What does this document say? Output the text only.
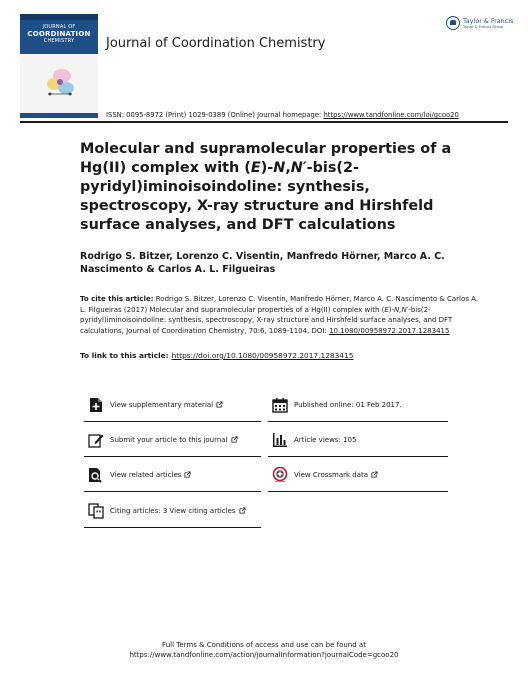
JOURNAL OF
COORDINATION
CHEMISTRY	Journal of Coordination Chemistry
Taylor & Francis
Taylor & Francis Group
ISSN: 0095-8972 (Print) 1029-0389 (Online) Journal homepage: https://www.tandfonline.com/loi/gcoo20
Molecular and supramolecular properties of a Hg(II) complex with (E)-N,N′-bis(2-pyridyl)iminoisoindoline: synthesis, spectroscopy, X-ray structure and Hirshfeld surface analyses, and DFT calculations
Rodrigo S. Bitzer, Lorenzo C. Visentin, Manfredo Hörner, Marco A. C. Nascimento & Carlos A. L. Filgueiras
To cite this article: Rodrigo S. Bitzer, Lorenzo C. Visentin, Manfredo Hörner, Marco A. C. Nascimento & Carlos A. L. Filgueiras (2017) Molecular and supramolecular properties of a Hg(II) complex with (E)-N,N′-bis(2-pyridyl)iminoisoindoline: synthesis, spectroscopy, X-ray structure and Hirshfeld surface analyses, and DFT calculations, Journal of Coordination Chemistry, 70:6, 1089-1104, DOI: 10.1080/00958972.2017.1283415
To link to this article: https://doi.org/10.1080/00958972.2017.1283415
View supplementary material	Published online: 01 Feb 2017.
Submit your article to this journal	Article views: 105
View related articles	View Crossmark data
Citing articles: 3 View citing articles
Full Terms & Conditions of access and use can be found at
https://www.tandfonline.com/action/journalInformation?journalCode=gcoo20
